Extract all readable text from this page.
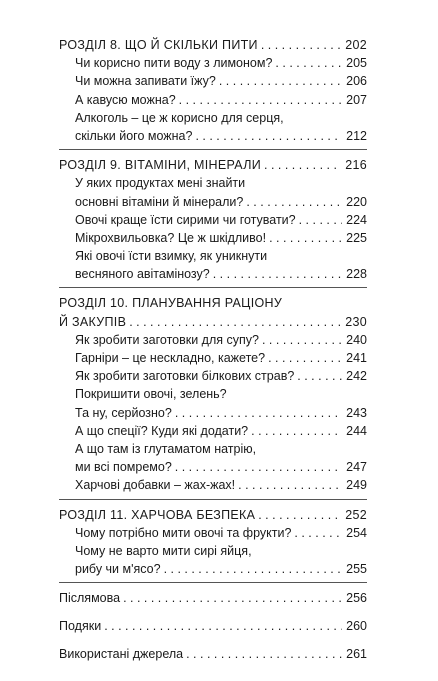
РОЗДІЛ 8. ЩО Й СКІЛЬКИ ПИТИ . . .	202
Чи корисно пити воду з лимоном? . . .	205
Чи можна запивати їжу? . . .	206
А кавусю можна? . . .	207
Алкоголь – це ж корисно для серця,
скільки його можна? . . .	212
РОЗДІЛ 9. ВІТАМІНИ, МІНЕРАЛИ . . .	216
У яких продуктах мені знайти
основні вітаміни й мінерали? . . .	220
Овочі краще їсти сирими чи готувати? . . .	224
Мікрохвильовка? Це ж шкідливо! . . .	225
Які овочі їсти взимку, як уникнути
весняного авітамінозу? . . .	228
РОЗДІЛ 10. ПЛАНУВАННЯ РАЦІОНУ
Й ЗАКУПІВ . . .	230
Як зробити заготовки для супу? . . .	240
Гарніри – це нескладно, кажете? . . .	241
Як зробити заготовки білкових страв? . . .	242
Покришити овочі, зелень?
Та ну, серйозно? . . .	243
А що спеції? Куди які додати? . . .	244
А що там із глутаматом натрію,
ми всі помремо? . . .	247
Харчові добавки – жах-жах! . . .	249
РОЗДІЛ 11. ХАРЧОВА БЕЗПЕКА . . .	252
Чому потрібно мити овочі та фрукти? . . .	254
Чому не варто мити сирі яйця,
рибу чи м'ясо? . . .	255
Післямова . . .	256
Подяки . . .	260
Використані джерела . . .	261
